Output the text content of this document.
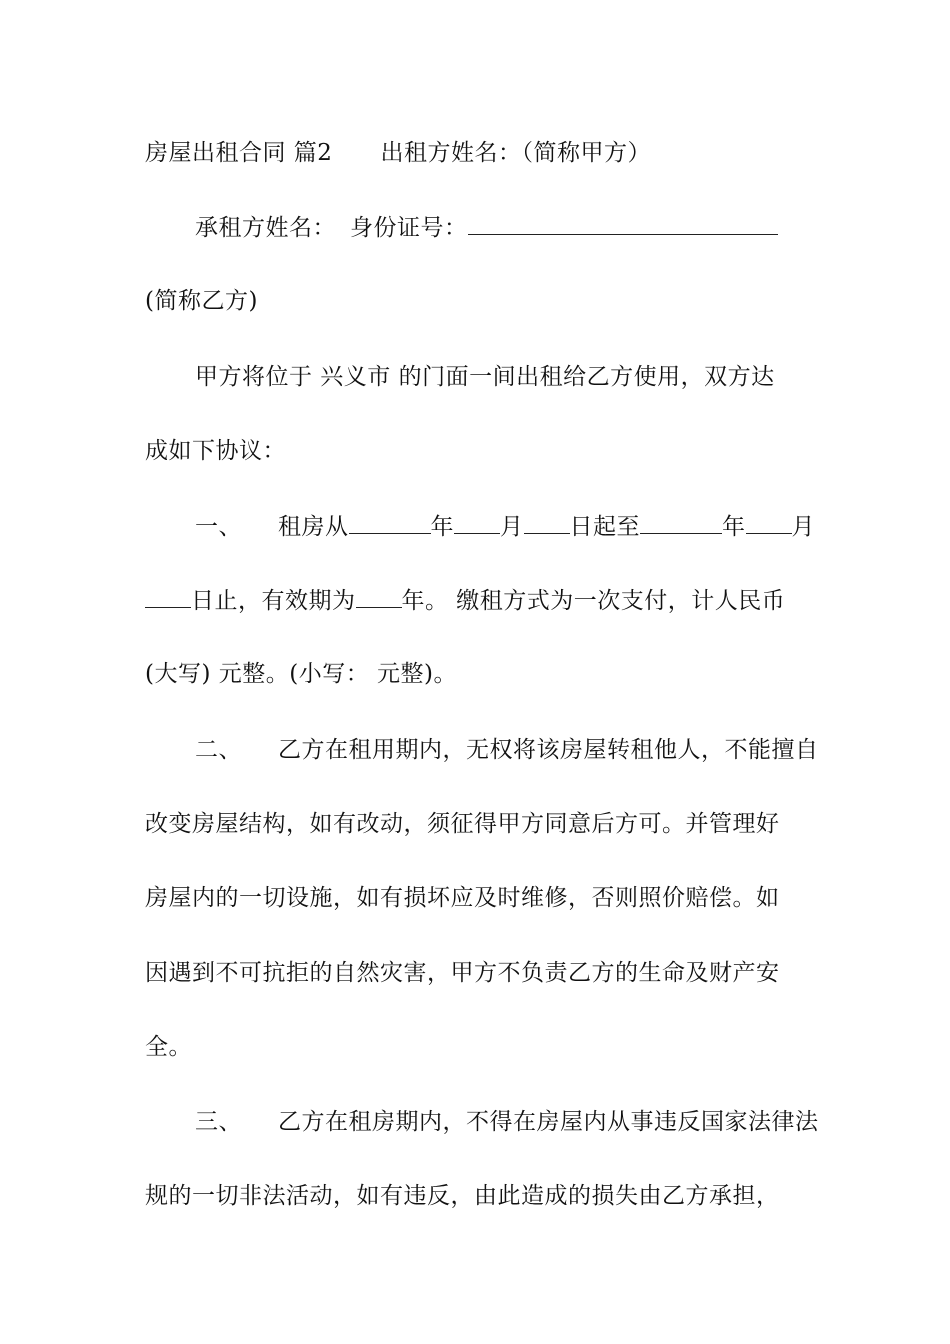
房屋出租合同 篇2 出租方姓名：（简称甲方）
承租方姓名： 身份证号：
(简称乙方)
甲方将位于 兴义市 的门面一间出租给乙方使用，双方达
成如下协议：
一、 租房从	年 月 日起至	年 月
日止，有效期为 年。 缴租方式为一次支付，计人民币
(大写) 元整。(小写： 元整)。
二、 乙方在租用期内，无权将该房屋转租他人，不能擅自
改变房屋结构，如有改动，须征得甲方同意后方可。并管理好
房屋内的一切设施，如有损坏应及时维修，否则照价赔偿。如
因遇到不可抗拒的自然灾害，甲方不负责乙方的生命及财产安
全。
三、 乙方在租房期内，不得在房屋内从事违反国家法律法
规的一切非法活动，如有违反，由此造成的损失由乙方承担，
